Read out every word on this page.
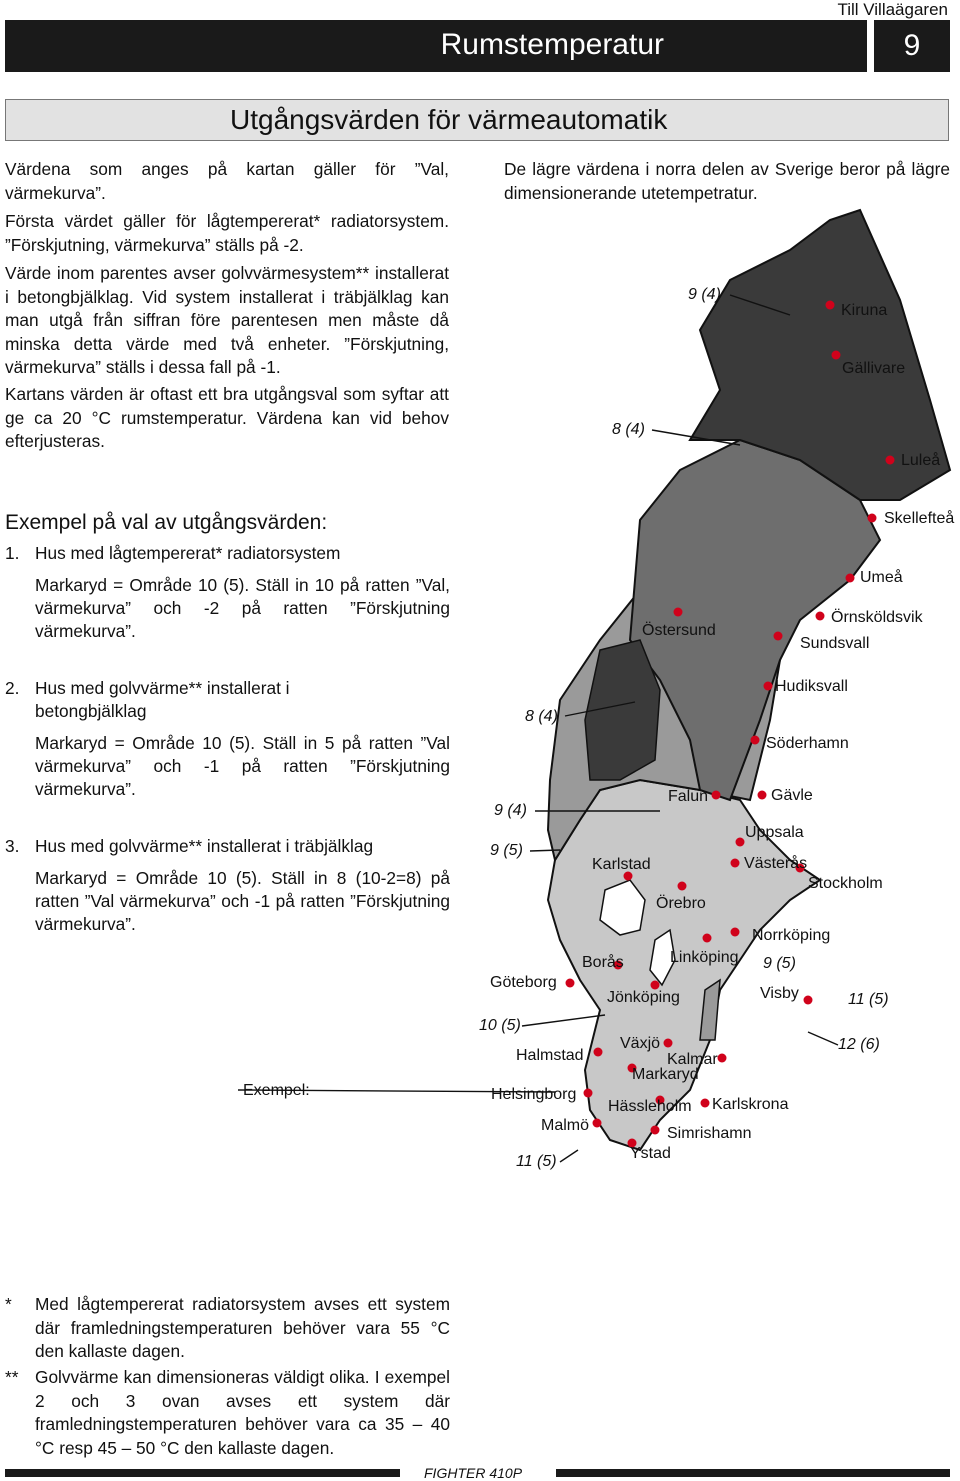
Till Villaägaren
Rumstemperatur	9
Utgångsvärden för värmeautomatik
Värdena som anges på kartan gäller för ”Val, värmekurva”.
Första värdet gäller för lågtempererat* radiatorsystem. ”Förskjutning, värmekurva” ställs på -2.
Värde inom parentes avser golvvärmesystem** installerat i betongbjälklag. Vid system installerat i träbjälklag kan man utgå från siffran före parentesen men måste då minska detta värde med två enheter. ”Förskjutning, värmekurva” ställs i dessa fall på -1.
Kartans värden är oftast ett bra utgångsval som syftar att ge ca 20 °C rumstemperatur. Värdena kan vid behov efterjusteras.
De lägre värdena i norra delen av Sverige beror på lägre dimensionerande utetempetratur.
Exempel på val av utgångsvärden:
1. Hus med lågtempererat* radiatorsystem
Markaryd = Område 10 (5). Ställ in 10 på ratten ”Val, värmekurva” och -2 på ratten ”Förskjutning värmekurva”.
2. Hus med golvvärme** installerat i betongbjälklag
Markaryd = Område 10 (5). Ställ in 5 på ratten ”Val värmekurva” och -1 på ratten ”Förskjutning värmekurva”.
3. Hus med golvvärme** installerat i träbjälklag
Markaryd = Område 10 (5). Ställ in 8 (10-2=8) på ratten ”Val värmekurva” och -1 på ratten ”Förskjutning värmekurva”.
9 (4)
8 (4)
8 (4)
9 (4)
9 (5)
10 (5)
11 (5)
9 (5)
11 (5)
12 (6)
Kiruna
Gällivare
Luleå
Skellefteå
Umeå
Örnsköldsvik
Östersund
Sundsvall
Hudiksvall
Söderhamn
Falun	Gävle
Uppsala
Karlstad	Västerås
Stockholm
Örebro
Norrköping
Borås	Linköping
Göteborg
Jönköping	Visby
Växjö
Halmstad	Kalmar
Markaryd
Helsingborg
Hässleholm Karlskrona
Malmö	Simrishamn
Ystad
Exempel:
* Med lågtempererat radiatorsystem avses ett system där framledningstemperaturen behöver vara 55 °C den kallaste dagen.
** Golvvärme kan dimensioneras väldigt olika. I exempel 2 och 3 ovan avses ett system där framledningstemperaturen behöver vara ca 35 – 40 °C resp 45 – 50 °C den kallaste dagen.
FIGHTER 410P
